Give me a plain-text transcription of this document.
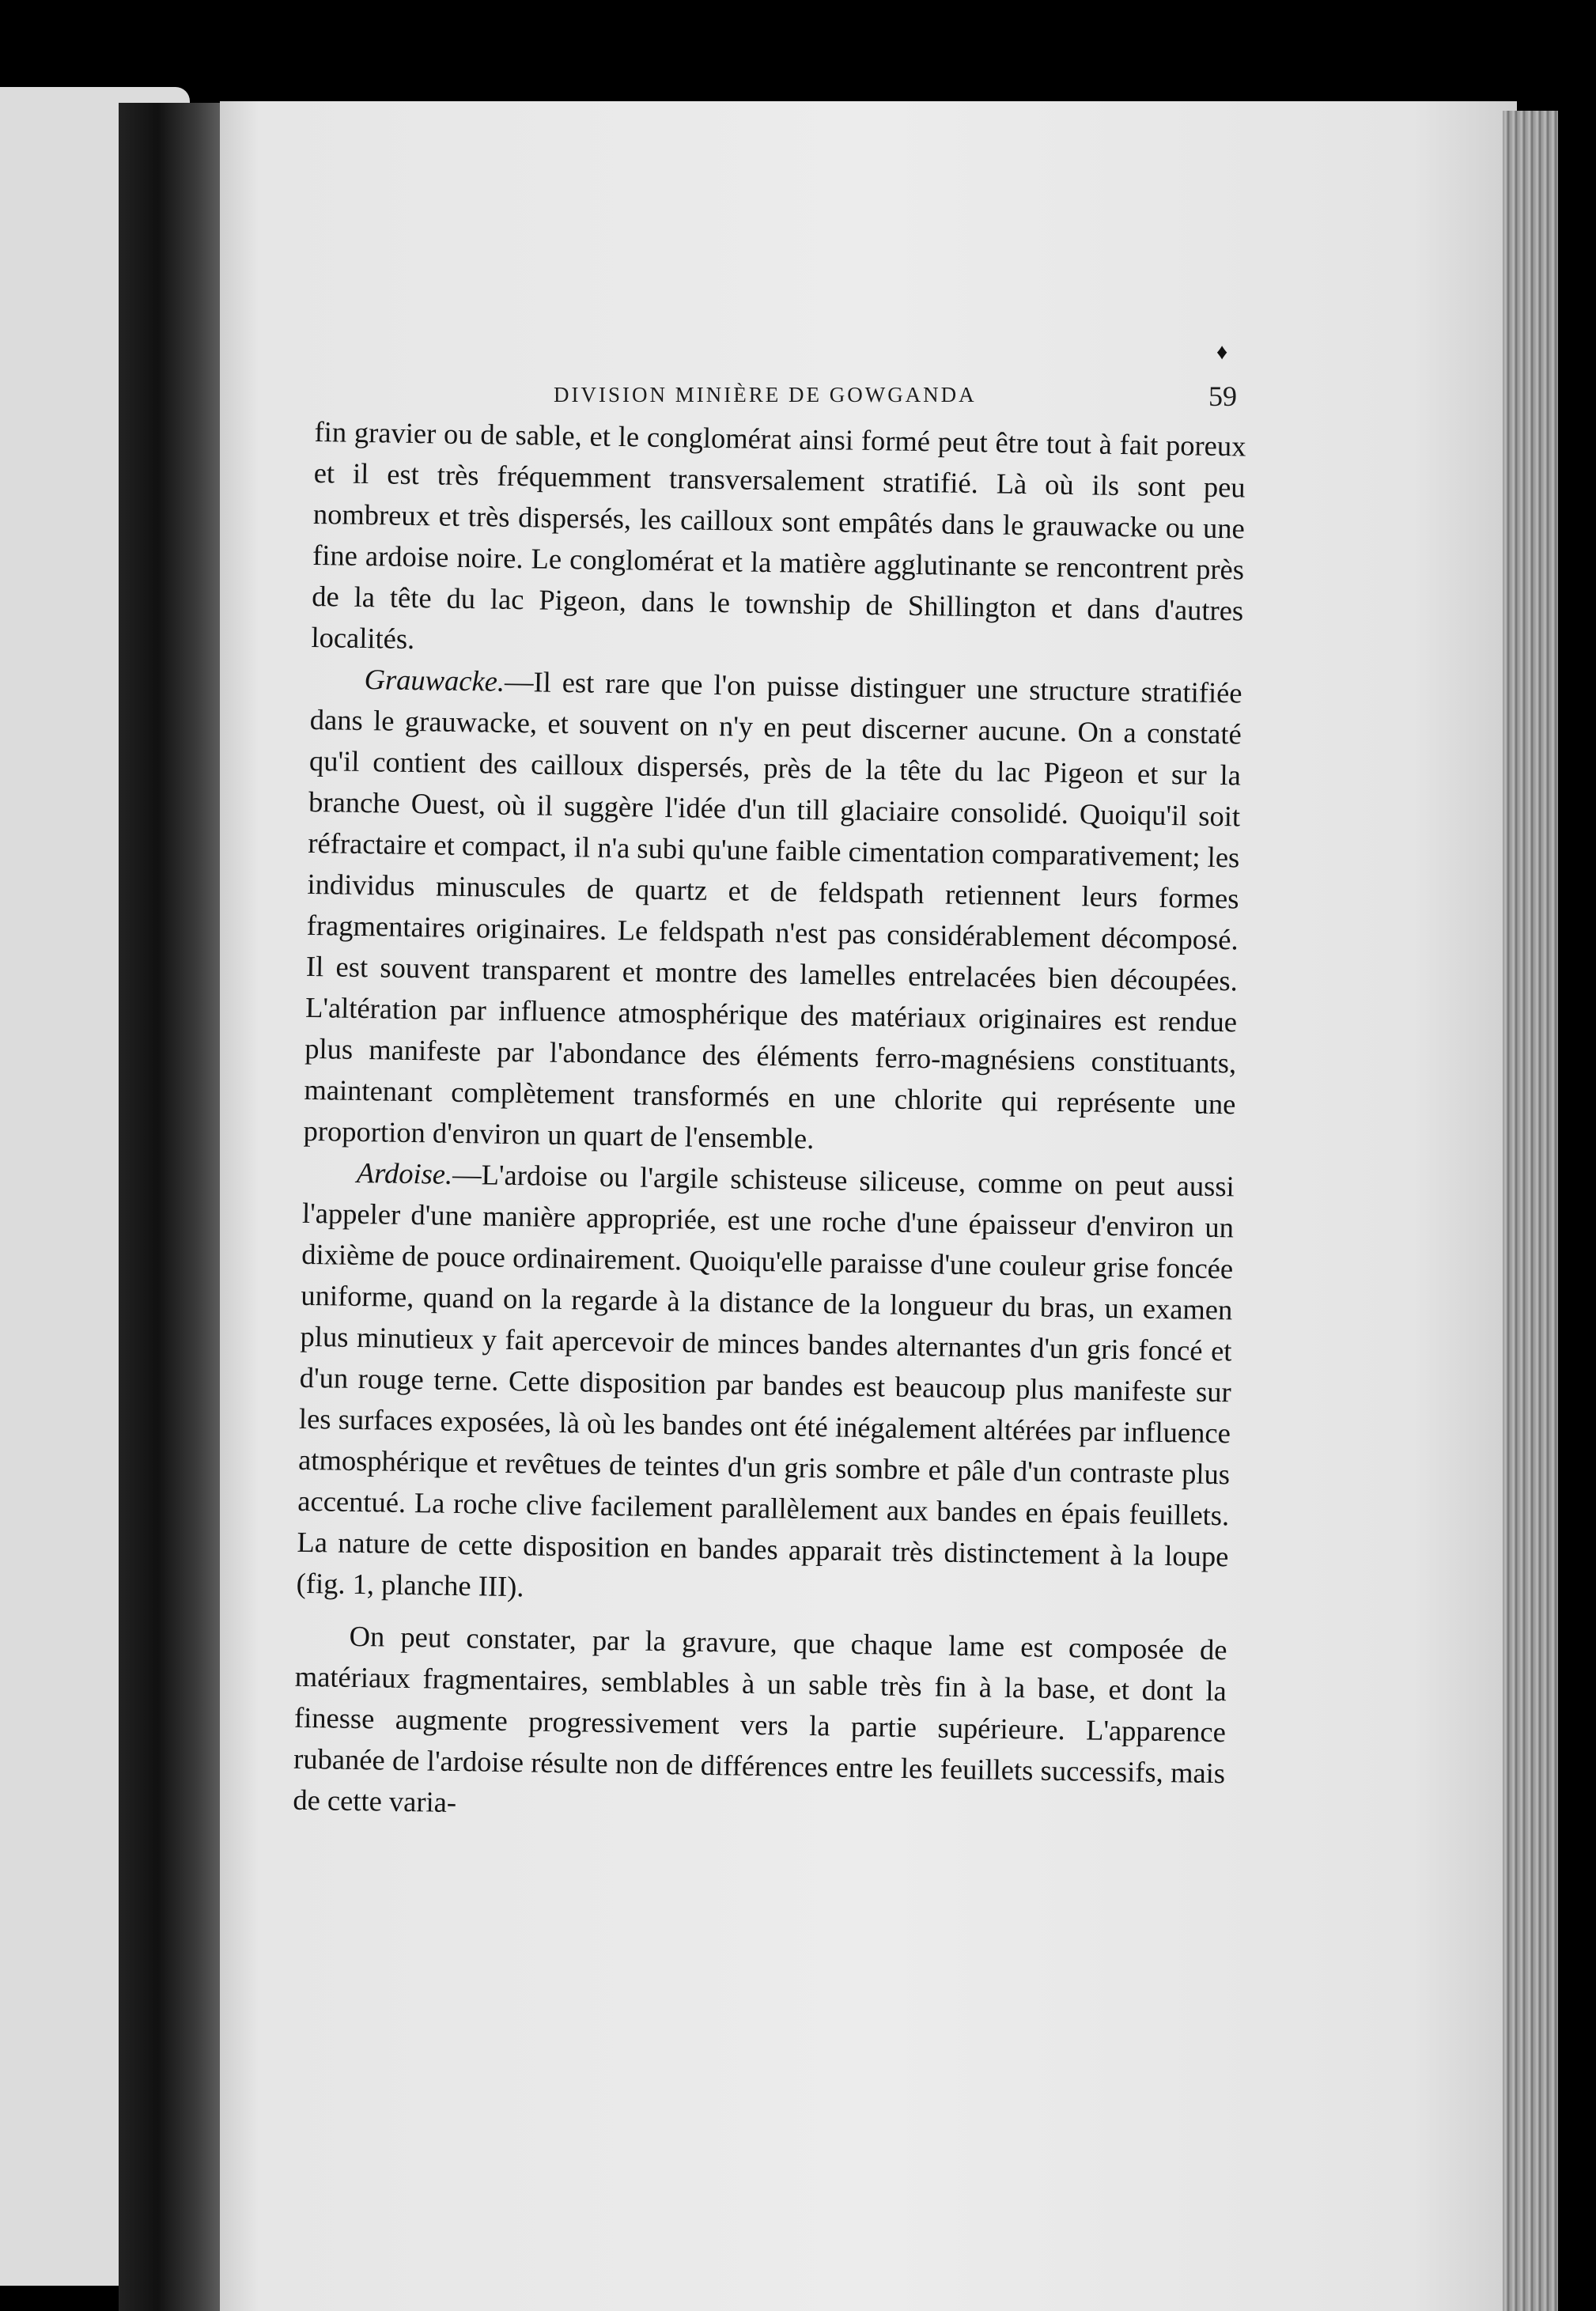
♦
DIVISION MINIÈRE DE GOWGANDA	59

fin gravier ou de sable, et le conglomérat ainsi formé peut être tout à fait poreux et il est très fréquemment transversalement stratifié. Là où ils sont peu nombreux et très dispersés, les cailloux sont empâtés dans le grauwacke ou une fine ardoise noire. Le conglomérat et la matière agglutinante se rencontrent près de la tête du lac Pigeon, dans le township de Shillington et dans d'autres localités.

Grauwacke.—Il est rare que l'on puisse distinguer une structure stratifiée dans le grauwacke, et souvent on n'y en peut discerner aucune. On a constaté qu'il contient des cailloux dispersés, près de la tête du lac Pigeon et sur la branche Ouest, où il suggère l'idée d'un till glaciaire consolidé. Quoiqu'il soit réfractaire et compact, il n'a subi qu'une faible cimentation comparativement; les individus minuscules de quartz et de feldspath retiennent leurs formes fragmentaires originaires. Le feldspath n'est pas considérablement décomposé. Il est souvent transparent et montre des lamelles entrelacées bien découpées. L'altération par influence atmosphérique des matériaux originaires est rendue plus manifeste par l'abondance des éléments ferro-magnésiens constituants, maintenant complètement transformés en une chlorite qui représente une proportion d'environ un quart de l'ensemble.

Ardoise.—L'ardoise ou l'argile schisteuse siliceuse, comme on peut aussi l'appeler d'une manière appropriée, est une roche d'une épaisseur d'environ un dixième de pouce ordinairement. Quoiqu'elle paraisse d'une couleur grise foncée uniforme, quand on la regarde à la distance de la longueur du bras, un examen plus minutieux y fait apercevoir de minces bandes alternantes d'un gris foncé et d'un rouge terne. Cette disposition par bandes est beaucoup plus manifeste sur les surfaces exposées, là où les bandes ont été inégalement altérées par influence atmosphérique et revêtues de teintes d'un gris sombre et pâle d'un contraste plus accentué. La roche clive facilement parallèlement aux bandes en épais feuillets. La nature de cette disposition en bandes apparait très distinctement à la loupe (fig. 1, planche III).

On peut constater, par la gravure, que chaque lame est composée de matériaux fragmentaires, semblables à un sable très fin à la base, et dont la finesse augmente progressivement vers la partie supérieure. L'apparence rubanée de l'ardoise résulte non de différences entre les feuillets successifs, mais de cette varia-
